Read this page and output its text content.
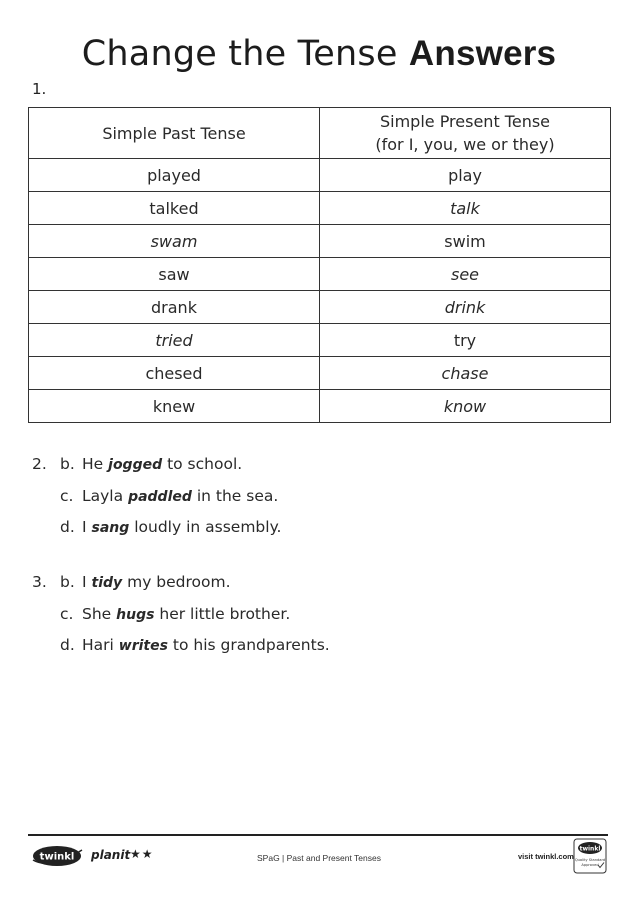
Change the Tense Answers
1.
Simple Past Tense	Simple Present Tense
(for I, you, we or they)

played	play
talked	talk
swam	swim
saw	see
drank	drink
tried	try
chesed	chase
knew	know
2. b. He jogged to school.
c. Layla paddled in the sea.
d. I sang loudly in assembly.
3. b. I tidy my bedroom.
c. She hugs her little brother.
d. Hari writes to his grandparents.
twinkl planit ★★	SPaG | Past and Present Tenses	visit twinkl.com
twinkl
Quality Standard
Approved
